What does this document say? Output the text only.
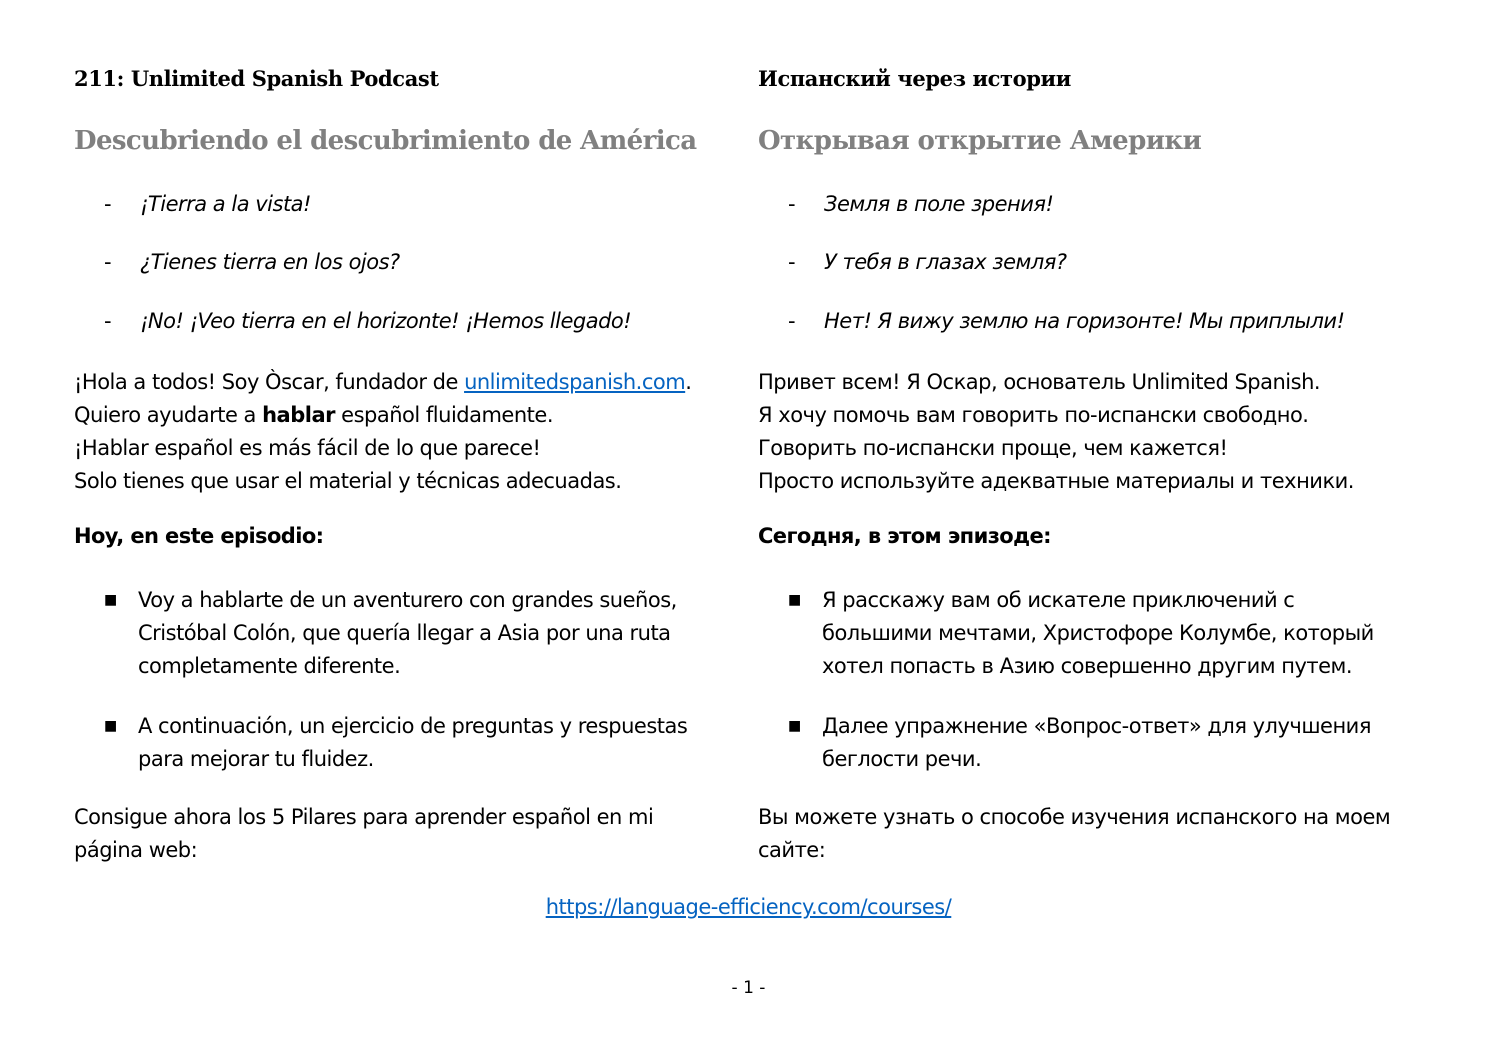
211: Unlimited Spanish Podcast
Descubriendo el descubrimiento de América
- ¡Tierra a la vista!
- ¿Tienes tierra en los ojos?
- ¡No! ¡Veo tierra en el horizonte! ¡Hemos llegado!
¡Hola a todos! Soy Òscar, fundador de unlimitedspanish.com.
Quiero ayudarte a hablar español fluidamente.
¡Hablar español es más fácil de lo que parece!
Solo tienes que usar el material y técnicas adecuadas.
Hoy, en este episodio:
■ Voy a hablarte de un aventurero con grandes sueños,
Cristóbal Colón, que quería llegar a Asia por una ruta
completamente diferente.
■ A continuación, un ejercicio de preguntas y respuestas
para mejorar tu fluidez.
Consigue ahora los 5 Pilares para aprender español en mi
página web:
Испанский через истории
Открывая открытие Америки
- Земля в поле зрения!
- У тебя в глазах земля?
- Нет! Я вижу землю на горизонте! Мы приплыли!
Привет всем! Я Оскар, основатель Unlimited Spanish.
Я хочу помочь вам говорить по-испански свободно.
Говорить по-испански проще, чем кажется!
Просто используйте адекватные материалы и техники.
Сегодня, в этом эпизоде:
■ Я расскажу вам об искателе приключений с
большими мечтами, Христофоре Колумбе, который
хотел попасть в Азию совершенно другим путем.
■ Далее упражнение «Вопрос-ответ» для улучшения
беглости речи.
Вы можете узнать о способе изучения испанского на моем
сайте:
https://language-efficiency.com/courses/
- 1 -
